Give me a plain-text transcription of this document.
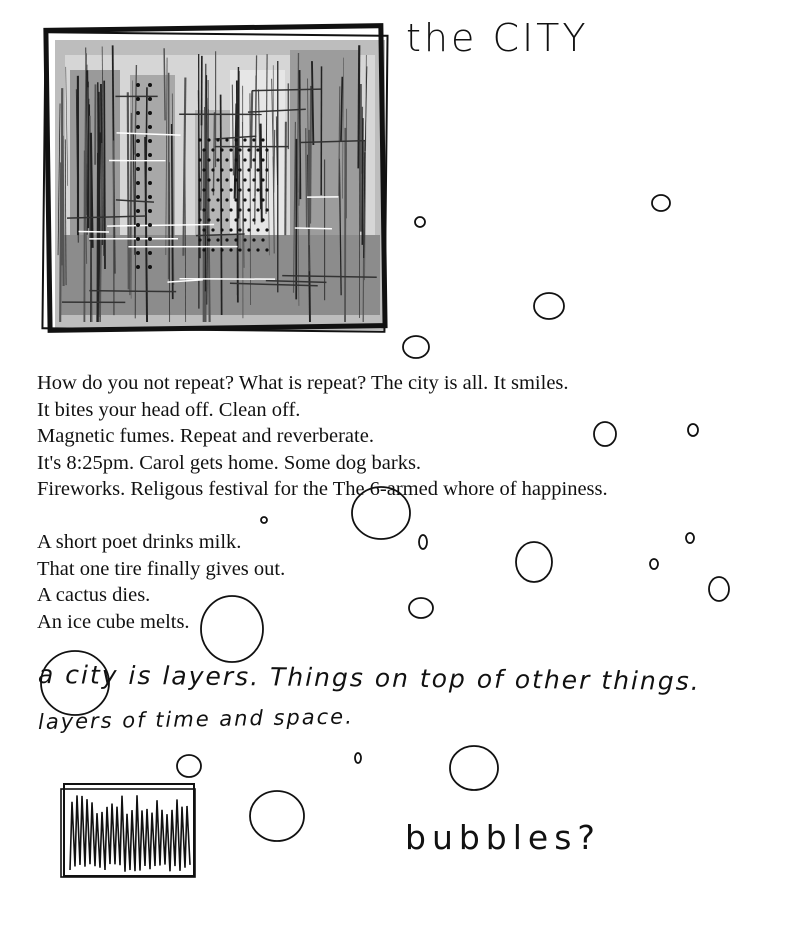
the CITY
How do you not repeat? What is repeat? The city is all. It smiles.
It bites your head off. Clean off.
Magnetic fumes. Repeat and reverberate.
It's 8:25pm. Carol gets home. Some dog barks.
Fireworks. Religous festival for the The 6-armed whore of happiness.
A short poet drinks milk.
That one tire finally gives out.
A cactus dies.
An ice cube melts.
a city is layers. Things on top of other things.
layers of time and space.
bubbles?
